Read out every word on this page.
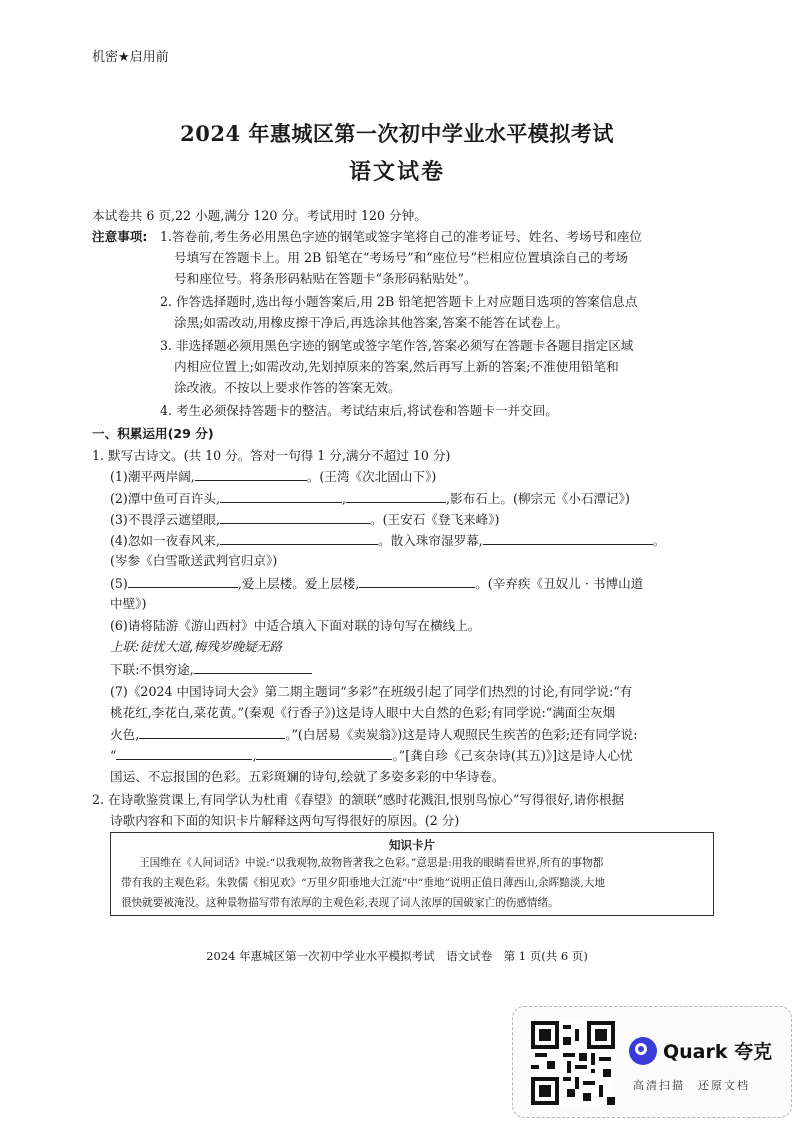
机密★启用前
2024 年惠城区第一次初中学业水平模拟考试
语文试卷
本试卷共 6 页,22 小题,满分 120 分。考试用时 120 分钟。
注意事项: 1.答卷前,考生务必用黑色字迹的钢笔或签字笔将自己的准考证号、姓名、考场号和座位
号填写在答题卡上。用 2B 铅笔在“考场号”和“座位号”栏相应位置填涂自己的考场
号和座位号。将条形码粘贴在答题卡“条形码粘贴处”。
2. 作答选择题时,选出每小题答案后,用 2B 铅笔把答题卡上对应题目选项的答案信息点
涂黑;如需改动,用橡皮擦干净后,再选涂其他答案,答案不能答在试卷上。
3. 非选择题必须用黑色字迹的钢笔或签字笔作答,答案必须写在答题卡各题目指定区域
内相应位置上;如需改动,先划掉原来的答案,然后再写上新的答案;不准使用铅笔和
涂改液。不按以上要求作答的答案无效。
4. 考生必须保持答题卡的整洁。考试结束后,将试卷和答题卡一并交回。
一、积累运用(29 分)
1. 默写古诗文。(共 10 分。答对一句得 1 分,满分不超过 10 分)
(1)潮平两岸阔,	。(王湾《次北固山下》)
(2)潭中鱼可百许头,	,	,影布石上。(柳宗元《小石潭记》)
(3)不畏浮云遮望眼,	。(王安石《登飞来峰》)
(4)忽如一夜春风来,	。散入珠帘湿罗幕,	。
(岑参《白雪歌送武判官归京》)
(5)	,爱上层楼。爱上层楼,	。(辛弃疾《丑奴儿 · 书博山道
中壁》)
(6)请将陆游《游山西村》中适合填入下面对联的诗句写在横线上。
上联:徒忧大道,梅残岁晚疑无路
下联:不惧穷途,
(7)《2024 中国诗词大会》第二期主题词“多彩”在班级引起了同学们热烈的讨论,有同学说:“有
桃花红,李花白,菜花黄。”(秦观《行香子》)这是诗人眼中大自然的色彩;有同学说:“满面尘灰烟
火色,	。”(白居易《卖炭翁》)这是诗人观照民生疾苦的色彩;还有同学说:
“	,	。”[龚自珍《己亥杂诗(其五)》]这是诗人心忧
国运、不忘报国的色彩。五彩斑斓的诗句,绘就了多姿多彩的中华诗卷。
2. 在诗歌鉴赏课上,有同学认为杜甫《春望》的颔联“感时花溅泪,恨别鸟惊心”写得很好,请你根据
诗歌内容和下面的知识卡片解释这两句写得很好的原因。(2 分)
知识卡片
王国维在《人间词话》中说:“以我观物,故物皆著我之色彩。”意思是:用我的眼睛看世界,所有的事物都
带有我的主观色彩。朱敦儒《相见欢》“万里夕阳垂地大江流”中“垂地”说明正值日薄西山,余晖黯淡,大地
很快就要被淹没。这种景物描写带有浓厚的主观色彩,表现了词人浓厚的国破家亡的伤感情绪。
2024 年惠城区第一次初中学业水平模拟考试　语文试卷　第 1 页(共 6 页)
Quark 夸克
高清扫描　还原文档
